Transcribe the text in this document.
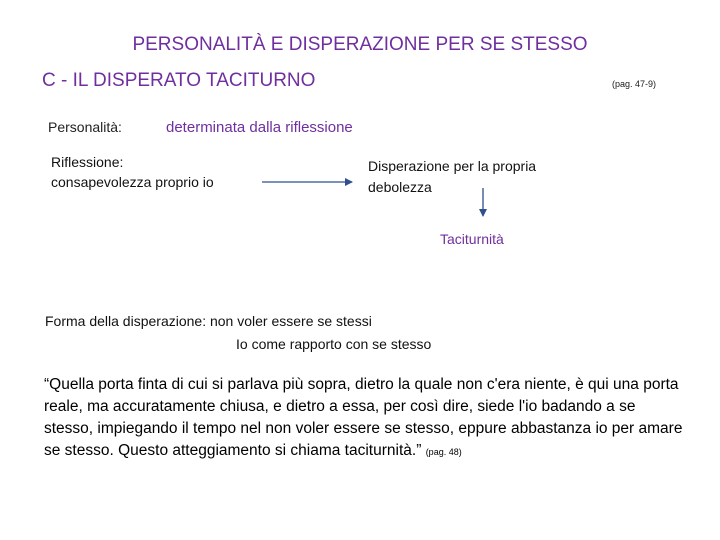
PERSONALITÀ E DISPERAZIONE PER SE STESSO
C - IL DISPERATO TACITURNO	(pag. 47-9)
Personalità:	determinata dalla riflessione
Riflessione:
consapevolezza proprio io
Disperazione per la propria
debolezza
Taciturnità
Forma della disperazione: non voler essere se stessi
Io come rapporto con se stesso
“Quella porta finta di cui si parlava più sopra, dietro la quale non c'era niente, è qui una porta reale, ma accuratamente chiusa, e dietro a essa, per così dire, siede l'io badando a se stesso, impiegando il tempo nel non voler essere se stesso, eppure abbastanza io per amare se stesso. Questo atteggiamento si chiama taciturnità.” (pag. 48)
